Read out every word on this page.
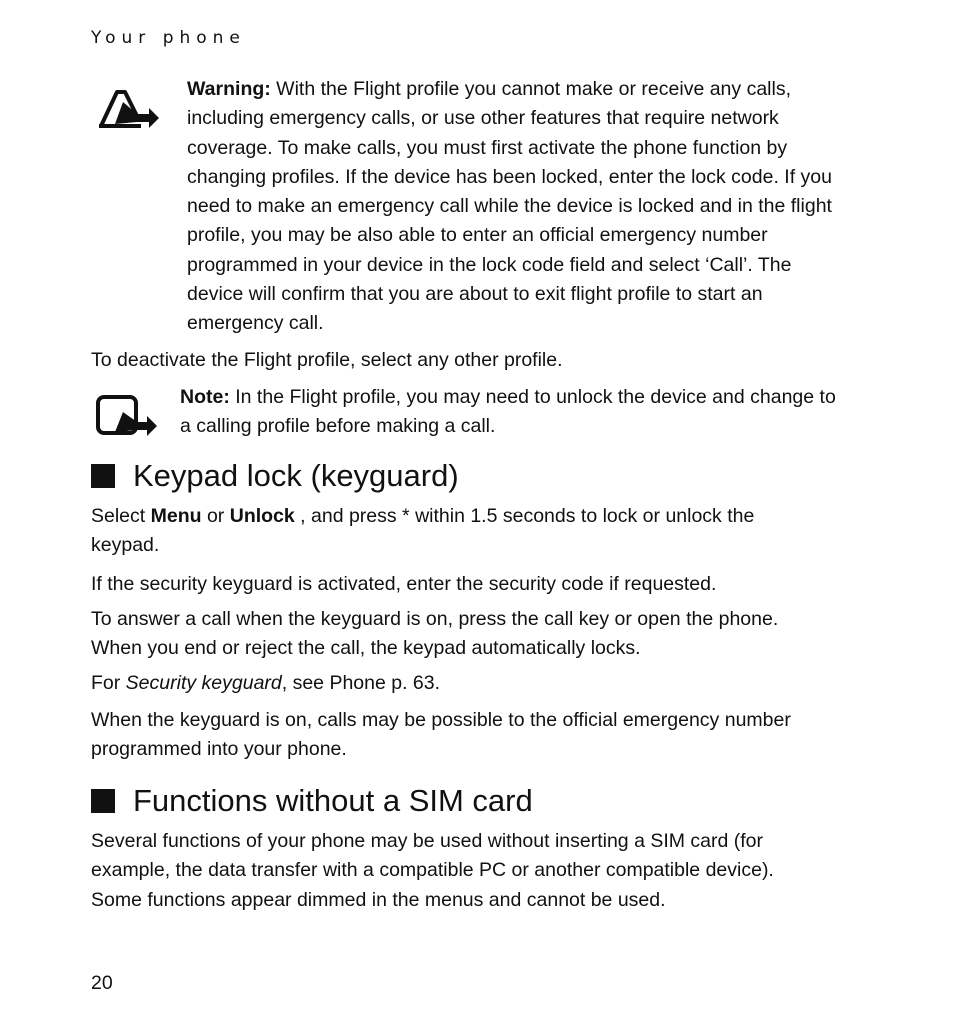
Your phone
Warning: With the Flight profile you cannot make or receive any calls, including emergency calls, or use other features that require network coverage. To make calls, you must first activate the phone function by changing profiles. If the device has been locked, enter the lock code. If you need to make an emergency call while the device is locked and in the flight profile, you may be also able to enter an official emergency number programmed in your device in the lock code field and select ‘Call’. The device will confirm that you are about to exit flight profile to start an emergency call.

To deactivate the Flight profile, select any other profile.

Note: In the Flight profile, you may need to unlock the device and change to a calling profile before making a call.
Keypad lock (keyguard)

Select Menu or Unlock , and press * within 1.5 seconds to lock or unlock the keypad.

If the security keyguard is activated, enter the security code if requested.

To answer a call when the keyguard is on, press the call key or open the phone. When you end or reject the call, the keypad automatically locks.

For Security keyguard, see Phone p. 63.

When the keyguard is on, calls may be possible to the official emergency number programmed into your phone.

Functions without a SIM card

Several functions of your phone may be used without inserting a SIM card (for example, the data transfer with a compatible PC or another compatible device). Some functions appear dimmed in the menus and cannot be used.

20
